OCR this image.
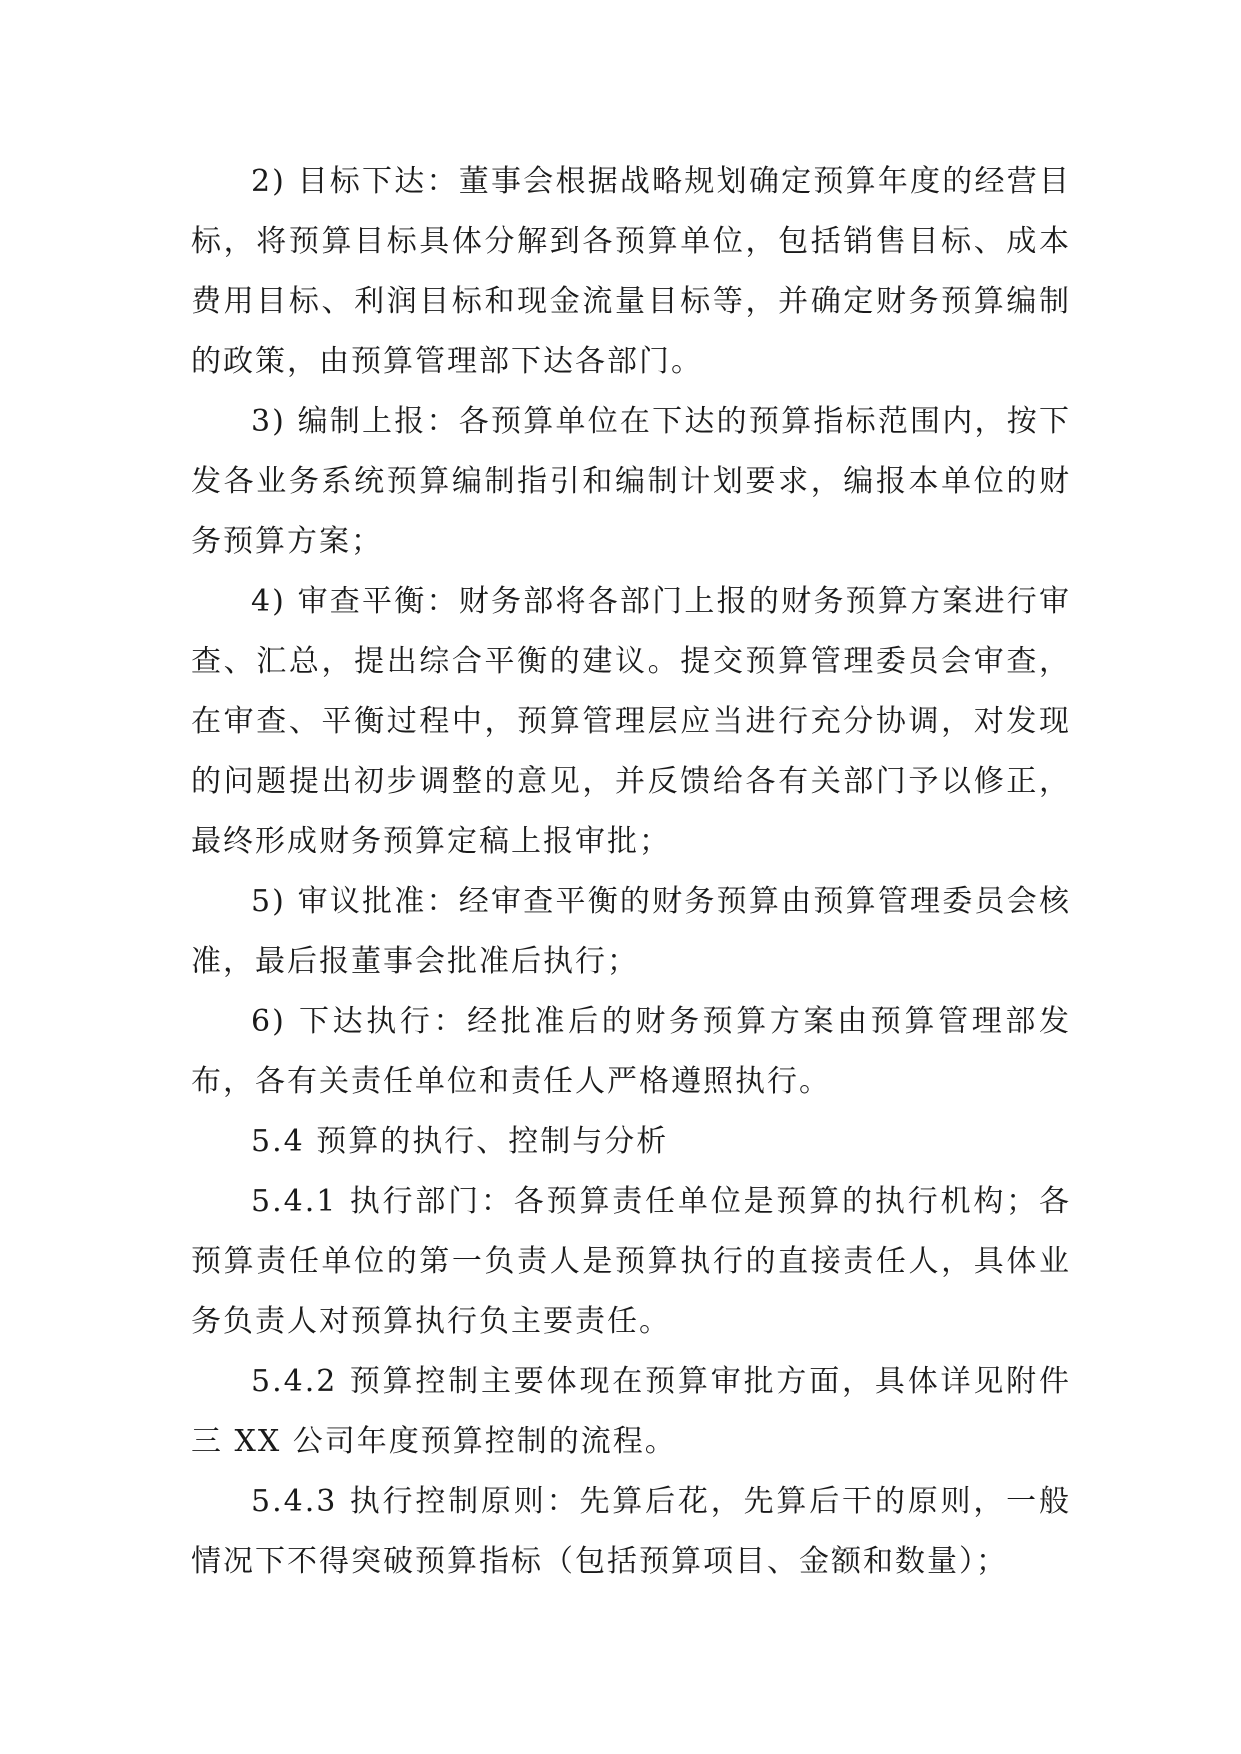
2) 目标下达：董事会根据战略规划确定预算年度的经营目标，将预算目标具体分解到各预算单位，包括销售目标、成本费用目标、利润目标和现金流量目标等，并确定财务预算编制的政策，由预算管理部下达各部门。

3) 编制上报：各预算单位在下达的预算指标范围内，按下发各业务系统预算编制指引和编制计划要求，编报本单位的财务预算方案；

4) 审查平衡：财务部将各部门上报的财务预算方案进行审查、汇总，提出综合平衡的建议。提交预算管理委员会审查，在审查、平衡过程中，预算管理层应当进行充分协调，对发现的问题提出初步调整的意见，并反馈给各有关部门予以修正，最终形成财务预算定稿上报审批；

5) 审议批准：经审查平衡的财务预算由预算管理委员会核准，最后报董事会批准后执行；

6) 下达执行：经批准后的财务预算方案由预算管理部发布，各有关责任单位和责任人严格遵照执行。

5.4 预算的执行、控制与分析

5.4.1 执行部门：各预算责任单位是预算的执行机构；各预算责任单位的第一负责人是预算执行的直接责任人，具体业务负责人对预算执行负主要责任。

5.4.2 预算控制主要体现在预算审批方面，具体详见附件三 XX 公司年度预算控制的流程。

5.4.3 执行控制原则：先算后花，先算后干的原则，一般情况下不得突破预算指标（包括预算项目、金额和数量）；
